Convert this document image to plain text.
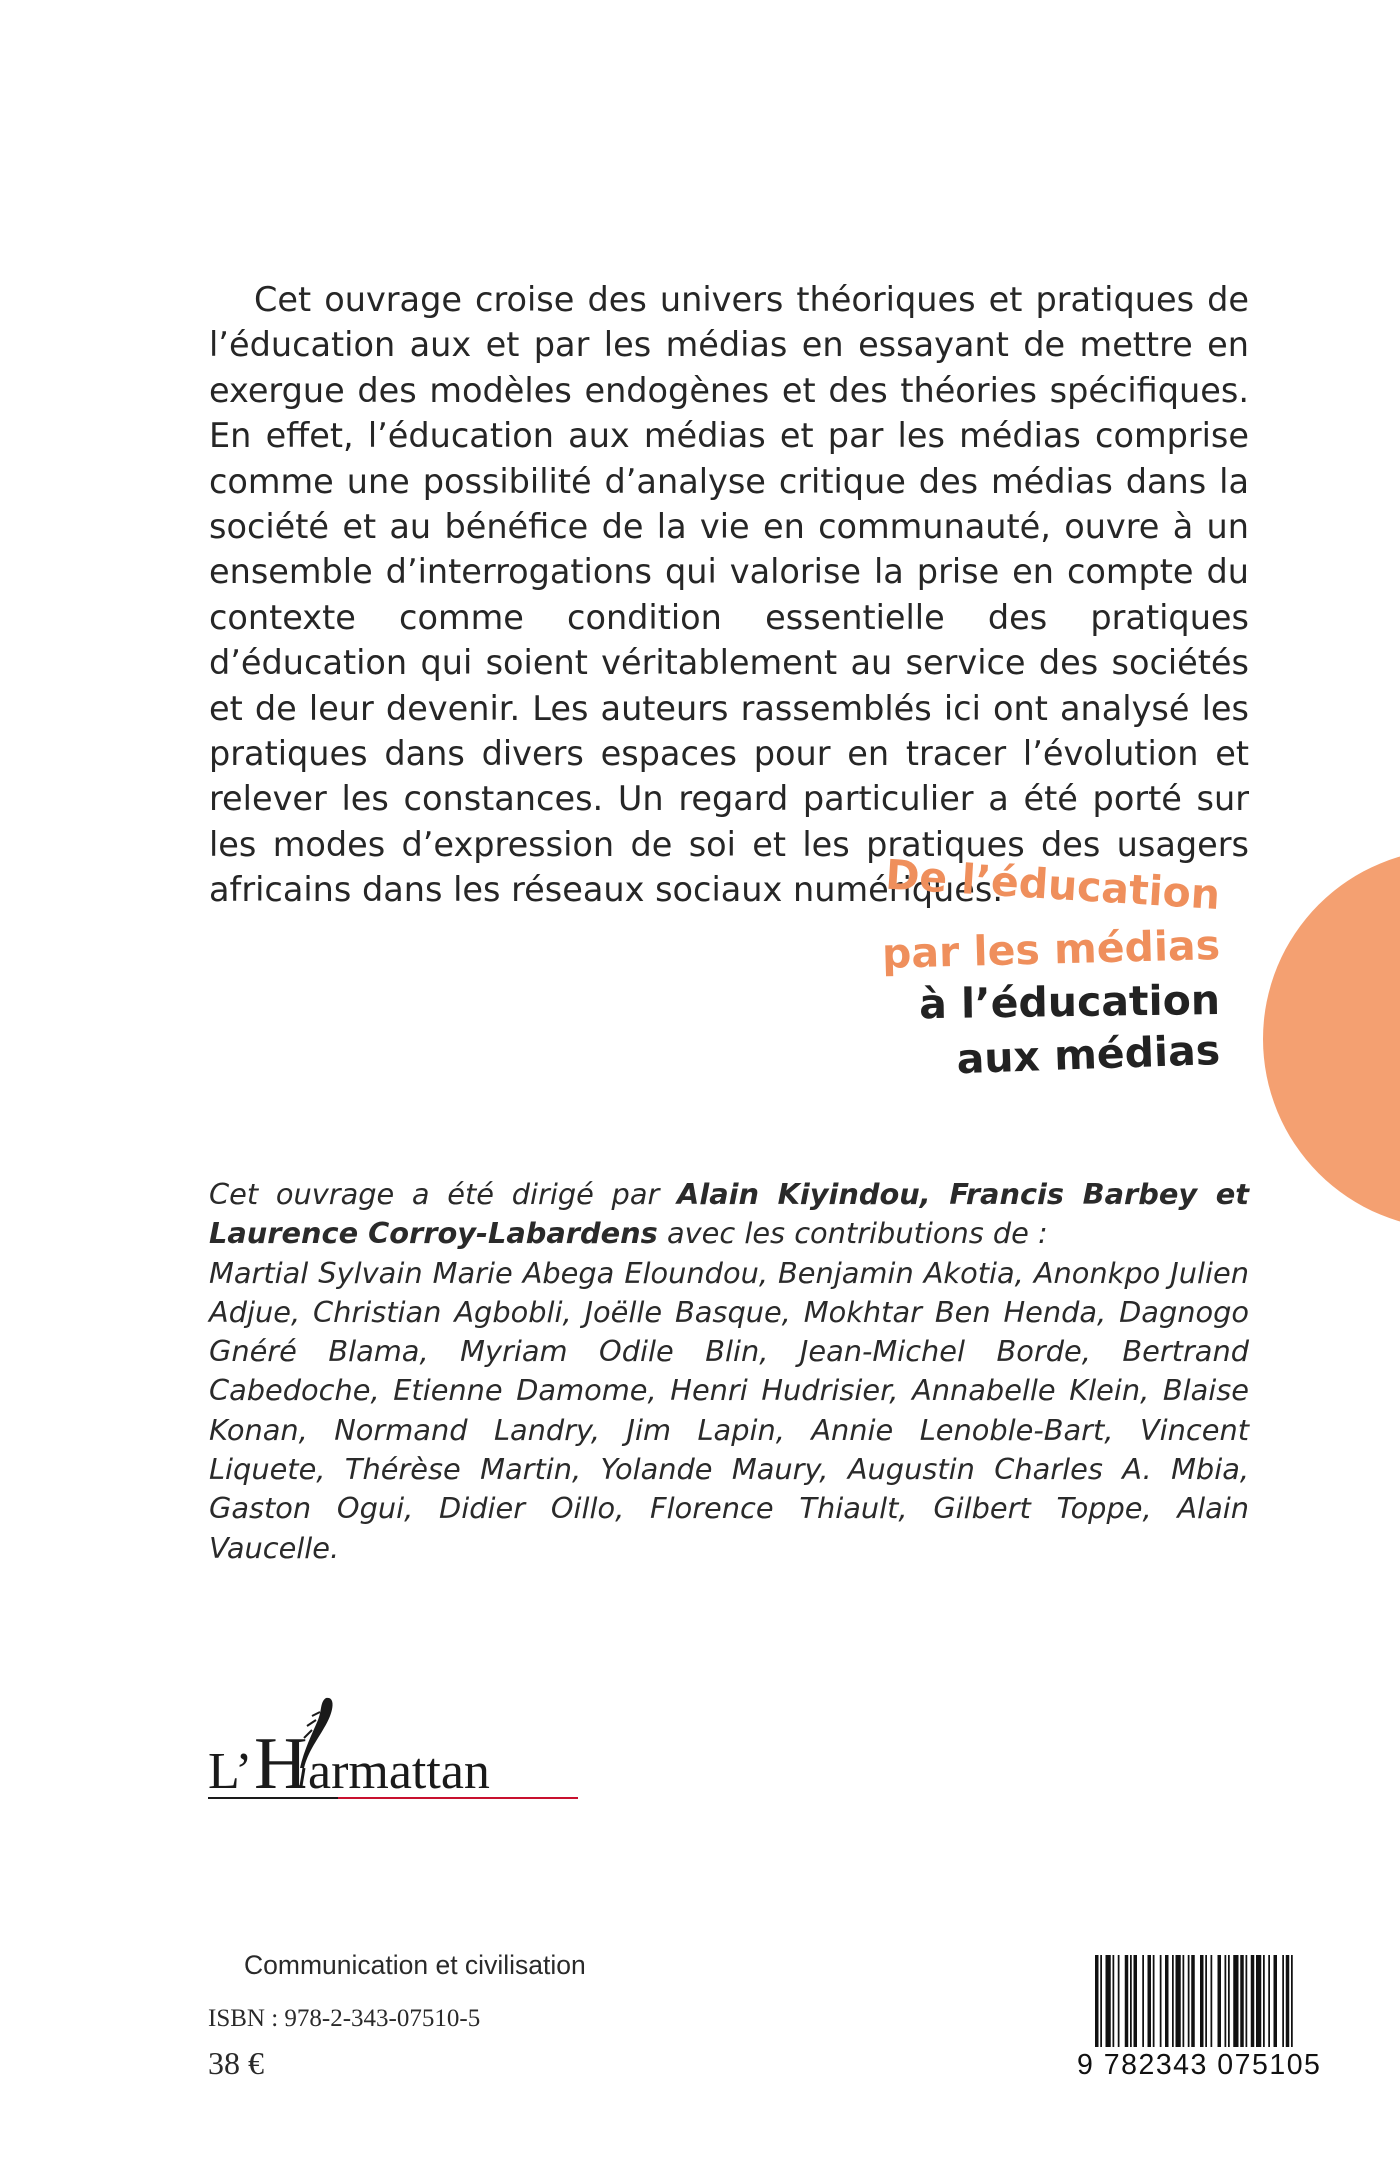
Cet ouvrage croise des univers théoriques et pratiques de l’éducation aux et par les médias en essayant de mettre en exergue des modèles endogènes et des théories spécifiques. En effet, l’éducation aux médias et par les médias comprise comme une possibilité d’analyse critique des médias dans la société et au bénéfice de la vie en communauté, ouvre à un ensemble d’interrogations qui valorise la prise en compte du contexte comme condition essentielle des pratiques d’éducation qui soient véritablement au service des sociétés et de leur devenir. Les auteurs rassemblés ici ont analysé les pratiques dans divers espaces pour en tracer l’évolution et relever les constances. Un regard particulier a été porté sur les modes d’expression de soi et les pratiques des usagers africains dans les réseaux sociaux numériques.

De l’éducation
par les médias
à l’éducation
aux médias

Cet ouvrage a été dirigé par Alain Kiyindou, Francis Barbey et Laurence Corroy-Labardens avec les contributions de :
Martial Sylvain Marie Abega Eloundou, Benjamin Akotia, Anonkpo Julien Adjue, Christian Agbobli, Joëlle Basque, Mokhtar Ben Henda, Dagnogo Gnéré Blama, Myriam Odile Blin, Jean-Michel Borde, Bertrand Cabedoche, Etienne Damome, Henri Hudrisier, Annabelle Klein, Blaise Konan, Normand Landry, Jim Lapin, Annie Lenoble-Bart, Vincent Liquete, Thérèse Martin, Yolande Maury, Augustin Charles A. Mbia, Gaston Ogui, Didier Oillo, Florence Thiault, Gilbert Toppe, Alain Vaucelle.

L’ H armattan
Communication et civilisation
ISBN : 978-2-343-07510-5
38 €	9 782343 075105
